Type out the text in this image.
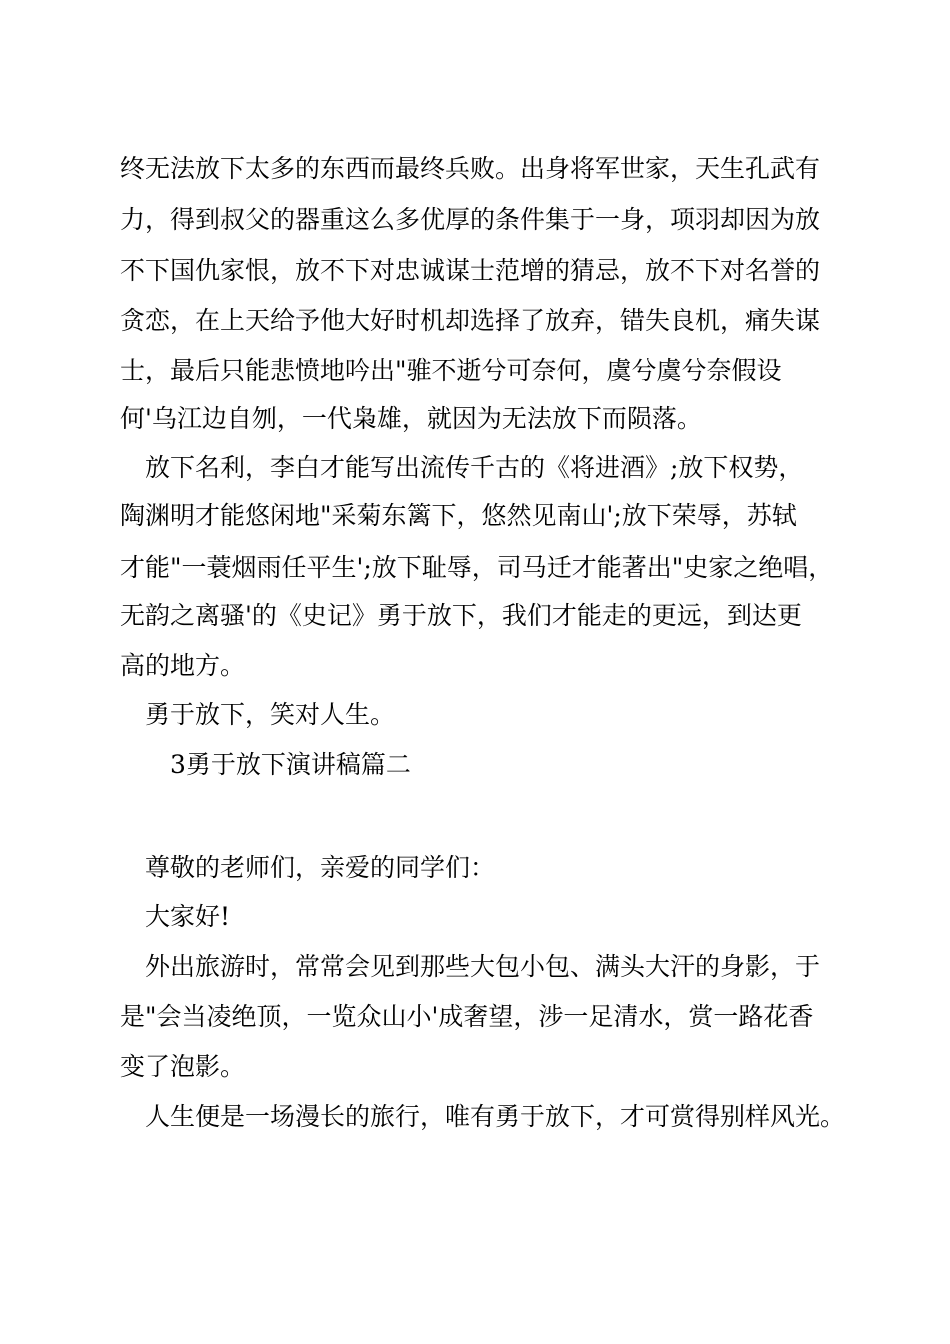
终无法放下太多的东西而最终兵败。出身将军世家，天生孔武有
力，得到叔父的器重这么多优厚的条件集于一身，项羽却因为放
不下国仇家恨，放不下对忠诚谋士范增的猜忌，放不下对名誉的
贪恋，在上天给予他大好时机却选择了放弃，错失良机，痛失谋
士，最后只能悲愤地吟出"骓不逝兮可奈何，虞兮虞兮奈假设
何'乌江边自刎，一代枭雄，就因为无法放下而陨落。
放下名利，李白才能写出流传千古的《将进酒》;放下权势，
陶渊明才能悠闲地"采菊东篱下，悠然见南山';放下荣辱，苏轼
才能"一蓑烟雨任平生';放下耻辱，司马迁才能著出"史家之绝唱，
无韵之离骚'的《史记》勇于放下，我们才能走的更远，到达更
高的地方。
勇于放下，笑对人生。
3勇于放下演讲稿篇二
尊敬的老师们，亲爱的同学们：
大家好!
外出旅游时，常常会见到那些大包小包、满头大汗的身影，于
是"会当凌绝顶，一览众山小'成奢望，涉一足清水，赏一路花香
变了泡影。
人生便是一场漫长的旅行，唯有勇于放下，才可赏得别样风光。
